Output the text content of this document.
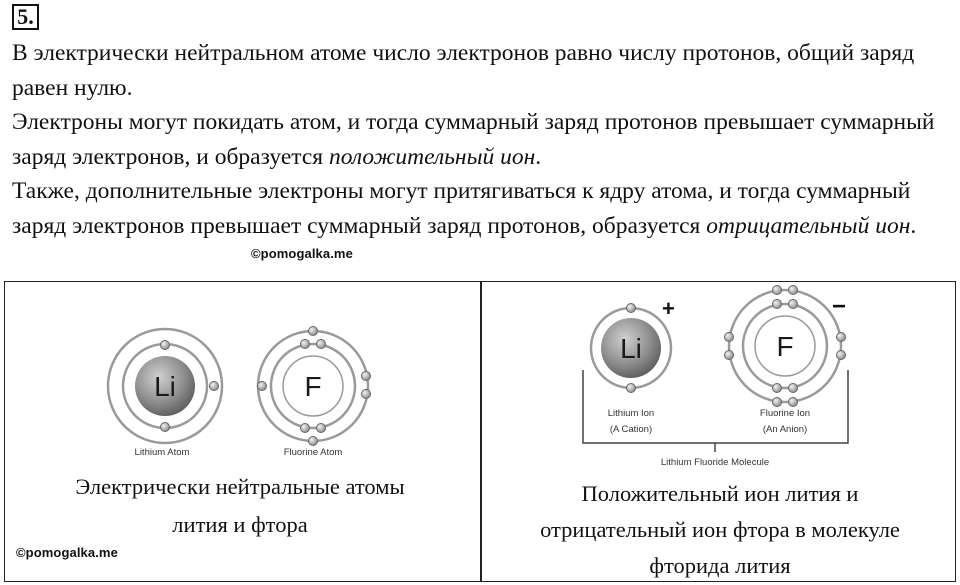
5.

В электрически нейтральном атоме число электронов равно числу протонов, общий заряд равен нулю.

Электроны могут покидать атом, и тогда суммарный заряд протонов превышает суммарный заряд электронов, и образуется положительный ион.

Также, дополнительные электроны могут притягиваться к ядру атома, и тогда суммарный заряд электронов превышает суммарный заряд протонов, образуется отрицательный ион.

©pomogalka.me
Li
Lithium Atom
F
Fluorine Atom
Li
+
Lithium Ion
(A Cation)
F
−
Fluorine Ion
(An Anion)
Lithium Fluoride Molecule
Электрически нейтральные атомы
лития и фтора
Положительный ион лития и
отрицательный ион фтора в молекуле
фторида лития
©pomogalka.me
